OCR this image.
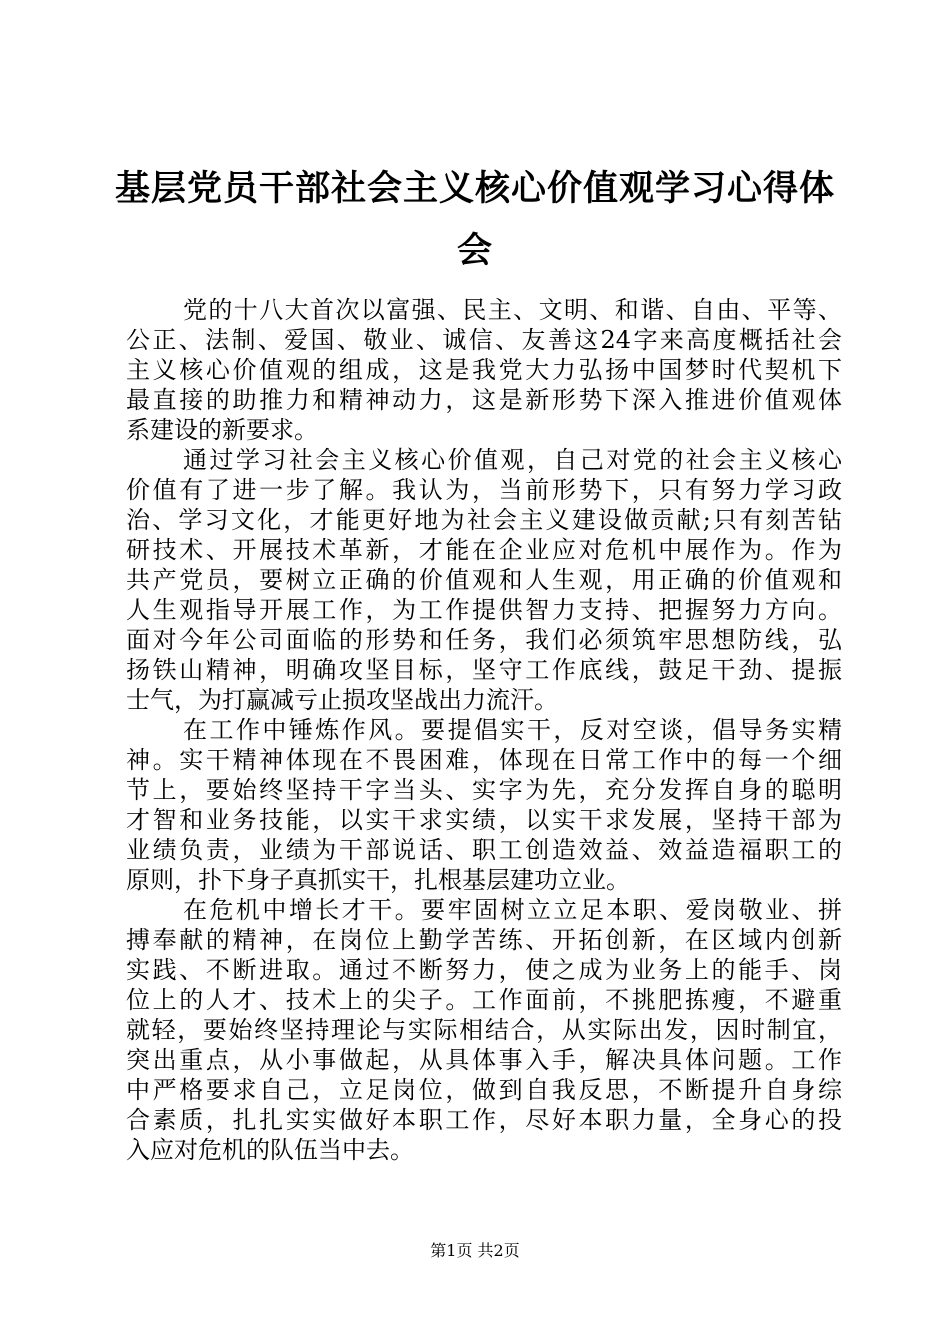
基层党员干部社会主义核心价值观学习心得体
会
党的十八大首次以富强、民主、文明、和谐、自由、平等、
公正、法制、爱国、敬业、诚信、友善这24字来高度概括社会
主义核心价值观的组成，这是我党大力弘扬中国梦时代契机下
最直接的助推力和精神动力，这是新形势下深入推进价值观体
系建设的新要求。
通过学习社会主义核心价值观，自己对党的社会主义核心
价值有了进一步了解。我认为，当前形势下，只有努力学习政
治、学习文化，才能更好地为社会主义建设做贡献;只有刻苦钻
研技术、开展技术革新，才能在企业应对危机中展作为。作为
共产党员，要树立正确的价值观和人生观，用正确的价值观和
人生观指导开展工作，为工作提供智力支持、把握努力方向。
面对今年公司面临的形势和任务，我们必须筑牢思想防线，弘
扬铁山精神，明确攻坚目标，坚守工作底线，鼓足干劲、提振
士气，为打赢减亏止损攻坚战出力流汗。
在工作中锤炼作风。要提倡实干，反对空谈，倡导务实精
神。实干精神体现在不畏困难，体现在日常工作中的每一个细
节上，要始终坚持干字当头、实字为先，充分发挥自身的聪明
才智和业务技能，以实干求实绩，以实干求发展，坚持干部为
业绩负责，业绩为干部说话、职工创造效益、效益造福职工的
原则，扑下身子真抓实干，扎根基层建功立业。
在危机中增长才干。要牢固树立立足本职、爱岗敬业、拼
搏奉献的精神，在岗位上勤学苦练、开拓创新，在区域内创新
实践、不断进取。通过不断努力，使之成为业务上的能手、岗
位上的人才、技术上的尖子。工作面前，不挑肥拣瘦，不避重
就轻，要始终坚持理论与实际相结合，从实际出发，因时制宜，
突出重点，从小事做起，从具体事入手，解决具体问题。工作
中严格要求自己，立足岗位，做到自我反思，不断提升自身综
合素质，扎扎实实做好本职工作，尽好本职力量，全身心的投
入应对危机的队伍当中去。
第1页 共2页
